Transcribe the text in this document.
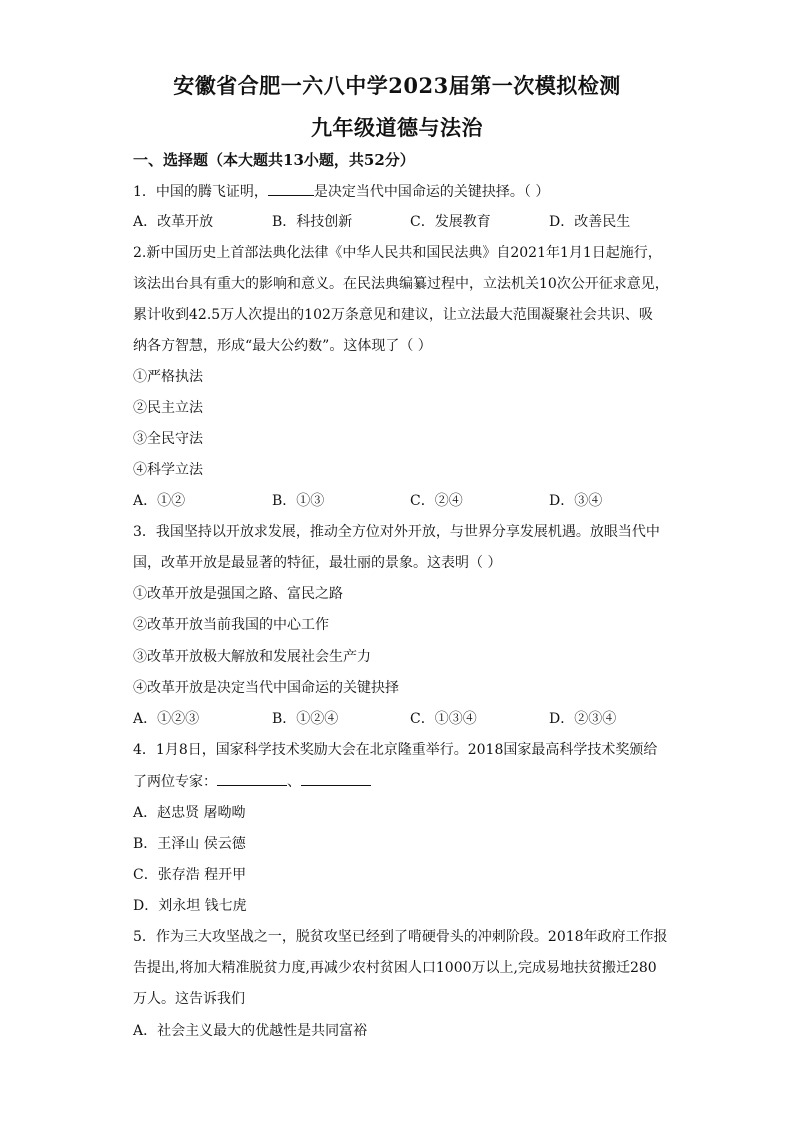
安徽省合肥一六八中学2023届第一次模拟检测
九年级道德与法治
一、选择题（本大题共13小题，共52分）
1．中国的腾飞证明，	是决定当代中国命运的关键抉择。（ ）
A．改革开放	B．科技创新	C．发展教育	D．改善民生
2.新中国历史上首部法典化法律《中华人民共和国民法典》自2021年1月1日起施行，
该法出台具有重大的影响和意义。在民法典编纂过程中，立法机关10次公开征求意见，
累计收到42.5万人次提出的102万条意见和建议，让立法最大范围凝聚社会共识、吸
纳各方智慧，形成“最大公约数”。这体现了（ ）
①严格执法
②民主立法
③全民守法
④科学立法
A．①②	B．①③	C．②④	D．③④
3．我国坚持以开放求发展，推动全方位对外开放，与世界分享发展机遇。放眼当代中
国，改革开放是最显著的特征，最壮丽的景象。这表明（ ）
①改革开放是强国之路、富民之路
②改革开放当前我国的中心工作
③改革开放极大解放和发展社会生产力
④改革开放是决定当代中国命运的关键抉择
A．①②③	B．①②④	C．①③④	D．②③④
4．1月8日，国家科学技术奖励大会在北京隆重举行。2018国家最高科学技术奖颁给
了两位专家：	、
A．赵忠贤 屠呦呦
B．王泽山 侯云德
C．张存浩 程开甲
D．刘永坦 钱七虎
5．作为三大攻坚战之一，脱贫攻坚已经到了啃硬骨头的冲刺阶段。2018年政府工作报
告提出,将加大精准脱贫力度,再减少农村贫困人口1000万以上,完成易地扶贫搬迁280
万人。这告诉我们
A．社会主义最大的优越性是共同富裕
